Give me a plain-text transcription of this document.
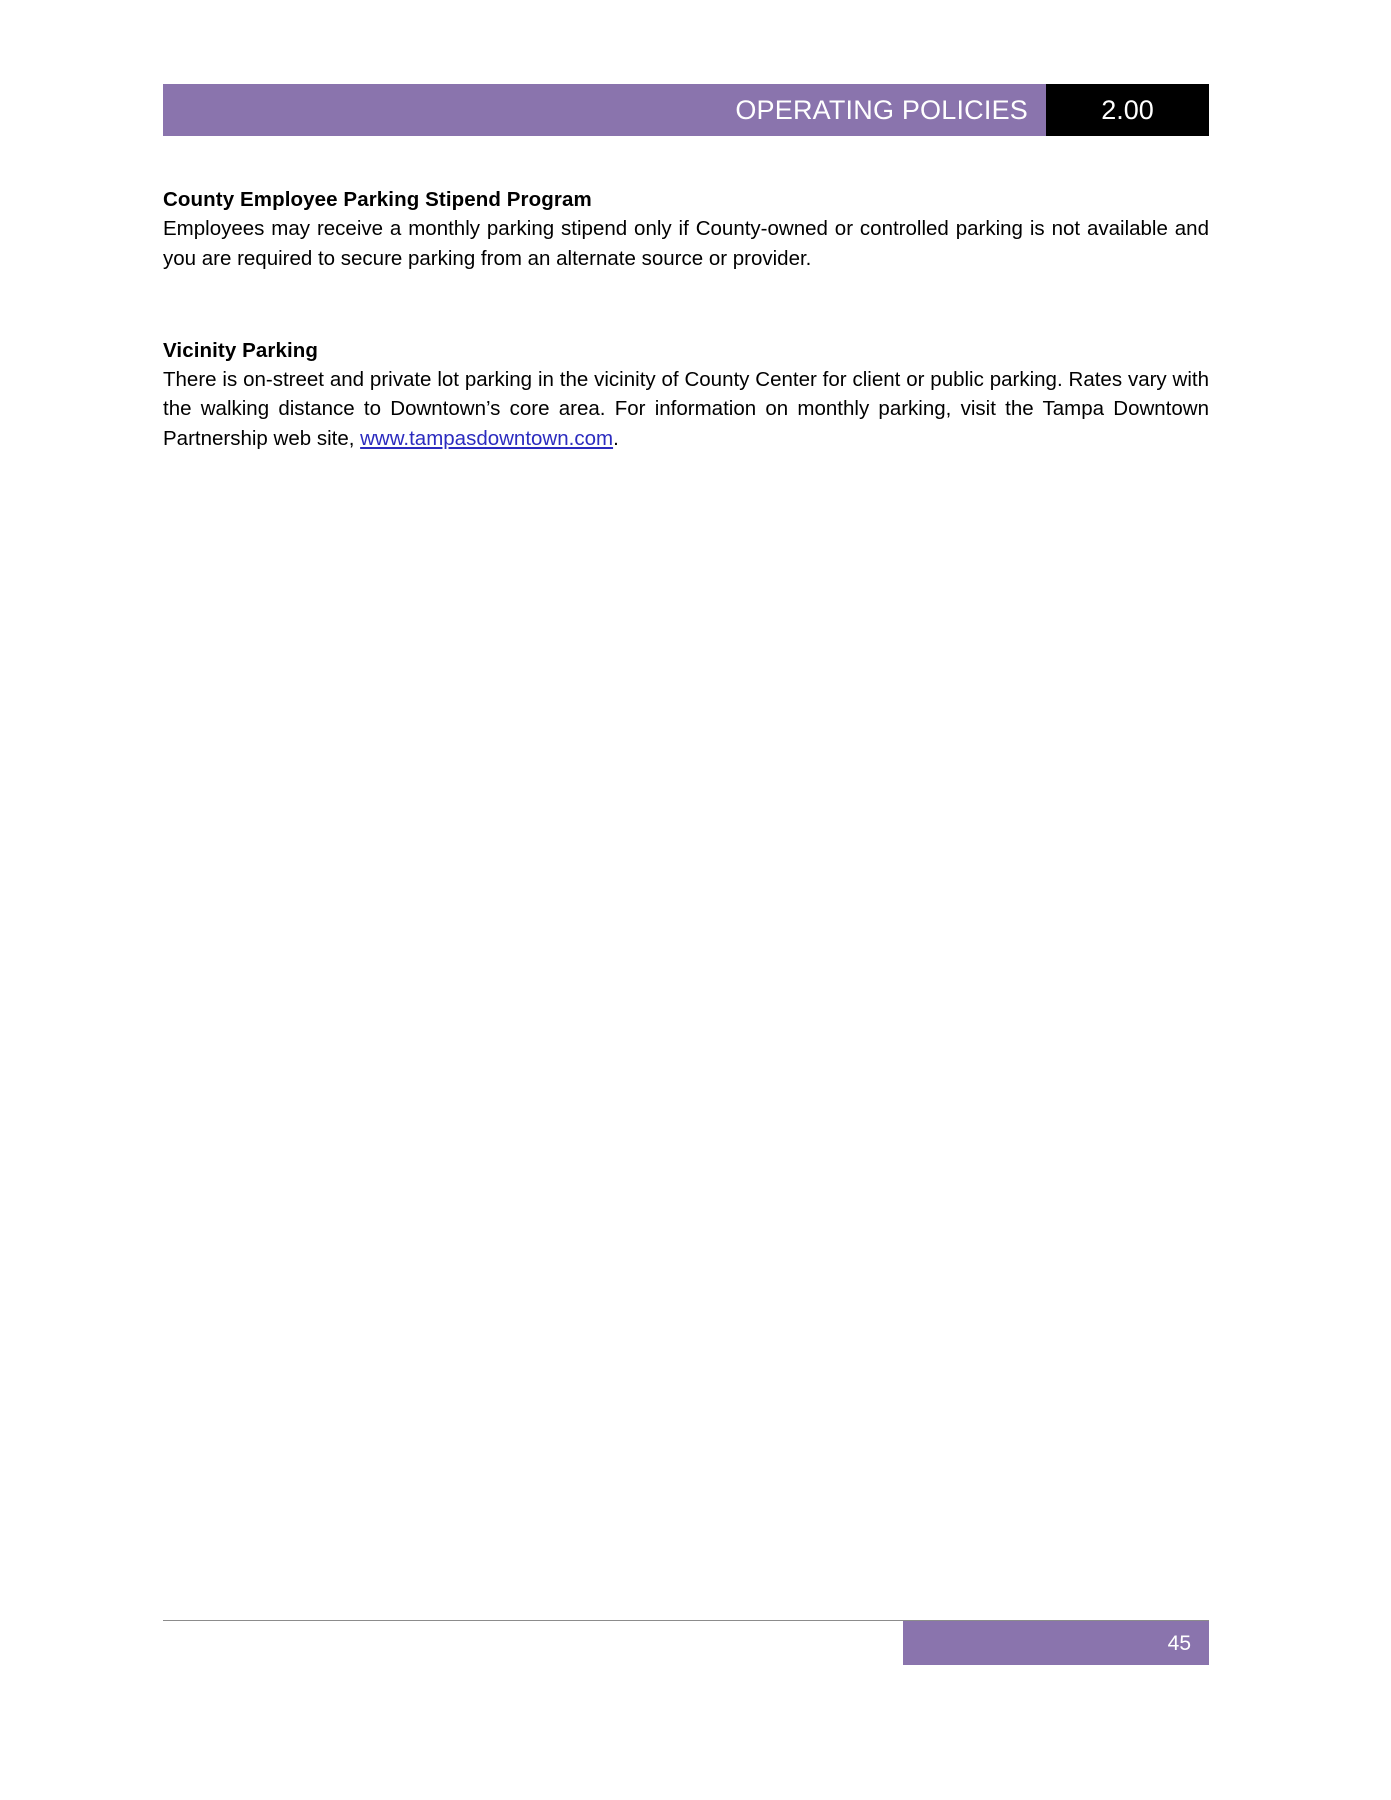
OPERATING POLICIES	2.00
County Employee Parking Stipend Program

Employees may receive a monthly parking stipend only if County-owned or controlled parking is not available and you are required to secure parking from an alternate source or provider.

Vicinity Parking

There is on-street and private lot parking in the vicinity of County Center for client or public parking. Rates vary with the walking distance to Downtown’s core area. For information on monthly parking, visit the Tampa Downtown Partnership web site, www.tampasdowntown.com.

45
